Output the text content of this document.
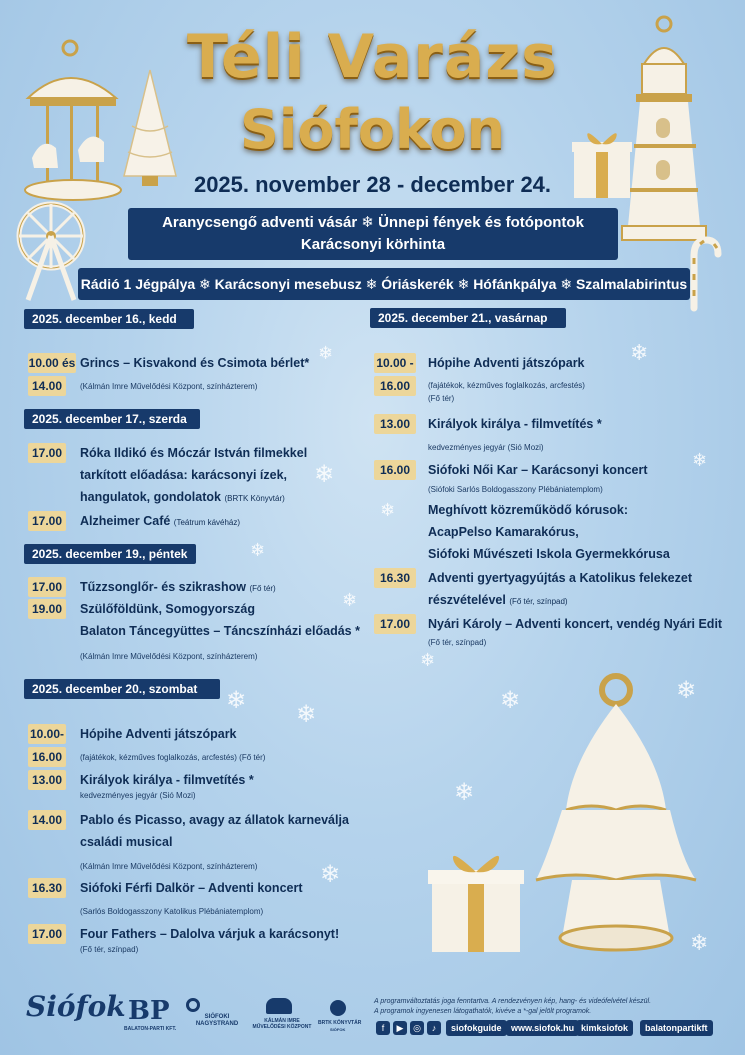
❄
❄
❄
❄
❄
❄
❄
❄
❄
❄
❄
❄
❄
❄
❄
Téli Varázs
Siófokon
2025. november 28 - december 24.
Aranycsengő adventi vásár ❄ Ünnepi fények és fotópontok
Karácsonyi körhinta
Rádió 1 Jégpálya ❄ Karácsonyi mesebusz ❄ Óriáskerék ❄ Hófánkpálya ❄ Szalmalabirintus
2025. december 16., kedd
10.00 és
14.00
Grincs – Kisvakond és Csimota bérlet*
(Kálmán Imre Művelődési Központ, színházterem)
2025. december 17., szerda
17.00	Róka Ildikó és Móczár István filmekkel
tarkított előadása: karácsonyi ízek,
hangulatok, gondolatok (BRTK Könyvtár)
17.00	Alzheimer Café (Teátrum kávéház)
2025. december 19., péntek
17.00	Tűzzsonglőr- és szikrashow (Fő tér)
19.00	Szülőföldünk, Somogyország
Balaton Táncegyüttes – Táncszínházi előadás *
(Kálmán Imre Művelődési Központ, színházterem)
2025. december 20., szombat
10.00-
16.00
Hópihe Adventi játszópark
(fajátékok, kézműves foglalkozás, arcfestés) (Fő tér)
13.00	Királyok királya - filmvetítés *
kedvezményes jegyár (Sió Mozi)
14.00	Pablo és Picasso, avagy az állatok karneválja
családi musical
(Kálmán Imre Művelődési Központ, színházterem)
16.30	Siófoki Férfi Dalkör – Adventi koncert
(Sarlós Boldogasszony Katolikus Plébániatemplom)
17.00	Four Fathers – Dalolva várjuk a karácsonyt!
(Fő tér, színpad)
2025. december 21., vasárnap
10.00 -
16.00
Hópihe Adventi játszópark
(fajátékok, kézműves foglalkozás, arcfestés)
(Fő tér)
13.00	Királyok királya - filmvetítés *
kedvezményes jegyár (Sió Mozi)
16.00	Siófoki Női Kar – Karácsonyi koncert
(Siófoki Sarlós Boldogasszony Plébániatemplom)
Meghívott közreműködő kórusok:
AcapPelso Kamarakórus,
Siófoki Művészeti Iskola Gyermekkórusa
16.30	Adventi gyertyagyújtás a Katolikus felekezet
részvételével (Fő tér, színpad)
17.00	Nyári Károly – Adventi koncert, vendég Nyári Edit
(Fő tér, színpad)
Siófok BP
BALATON-PARTI KFT.
SIÓFOKI NAGYSTRAND	KÁLMÁN IMRE MŰVELŐDÉSI KÖZPONT
BRTK KÖNYVTÁR
SIÓFOK
A programváltoztatás joga fenntartva. A rendezvényen kép, hang- és videófelvétel készül.
A programok ingyenesen látogathatók, kivéve a *-gal jelölt programok.
f	▶	◎	♪	siofokguide	www.siofok.hu kimksiofok	balatonpartikft
